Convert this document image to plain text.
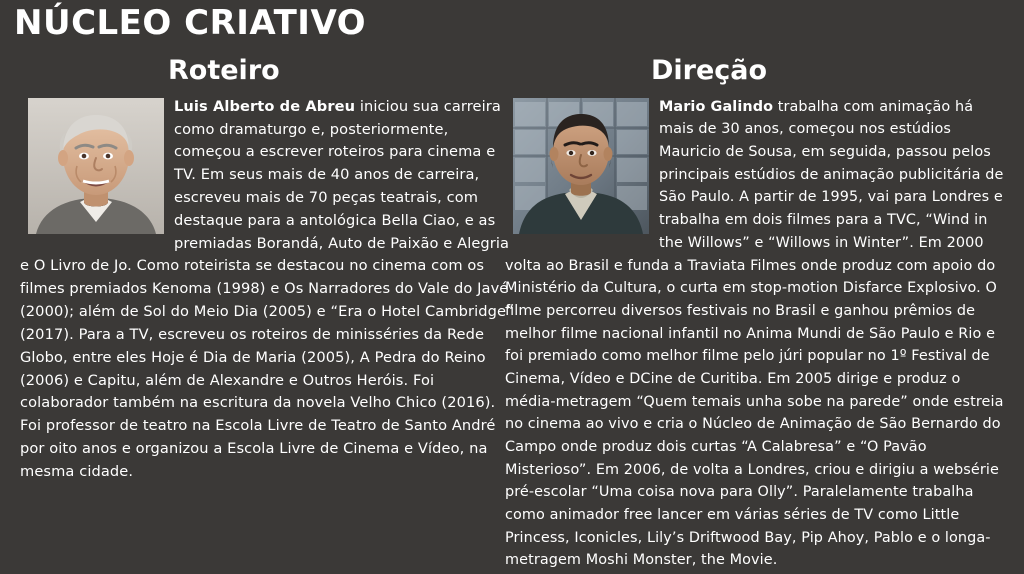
NÚCLEO CRIATIVO
Roteiro
Luis Alberto de Abreu iniciou sua carreira como dramaturgo e, posteriormente, começou a escrever roteiros para cinema e TV. Em seus mais de 40 anos de carreira, escreveu mais de 70 peças teatrais, com destaque para a antológica Bella Ciao, e as premiadas Borandá, Auto de Paixão e Alegria e O Livro de Jo. Como roteirista se destacou no cinema com os filmes premiados Kenoma (1998) e Os Narradores do Vale do Javé (2000); além de Sol do Meio Dia (2005) e “Era o Hotel Cambridge” (2017). Para a TV, escreveu os roteiros de minisséries da Rede Globo, entre eles Hoje é Dia de Maria (2005), A Pedra do Reino (2006) e Capitu, além de Alexandre e Outros Heróis. Foi colaborador também na escritura da novela Velho Chico (2016). Foi professor de teatro na Escola Livre de Teatro de Santo André por oito anos e organizou a Escola Livre de Cinema e Vídeo, na mesma cidade.
Direção
Mario Galindo trabalha com animação há mais de 30 anos, começou nos estúdios Mauricio de Sousa, em seguida, passou pelos principais estúdios de animação publicitária de São Paulo. A partir de 1995, vai para Londres e trabalha em dois filmes para a TVC, “Wind in the Willows” e “Willows in Winter”. Em 2000 volta ao Brasil e funda a Traviata Filmes onde produz com apoio do Ministério da Cultura, o curta em stop-motion Disfarce Explosivo. O filme percorreu diversos festivais no Brasil e ganhou prêmios de melhor filme nacional infantil no Anima Mundi de São Paulo e Rio e foi premiado como melhor filme pelo júri popular no 1º Festival de Cinema, Vídeo e DCine de Curitiba. Em 2005 dirige e produz o média-metragem “Quem temais unha sobe na parede” onde estreia no cinema ao vivo e cria o Núcleo de Animação de São Bernardo do Campo onde produz dois curtas “A Calabresa” e “O Pavão Misterioso”. Em 2006, de volta a Londres, criou e dirigiu a websérie pré-escolar “Uma coisa nova para Olly”. Paralelamente trabalha como animador free lancer em várias séries de TV como Little Princess, Iconicles, Lily’s Driftwood Bay, Pip Ahoy, Pablo e o longa-metragem Moshi Monster, the Movie.
